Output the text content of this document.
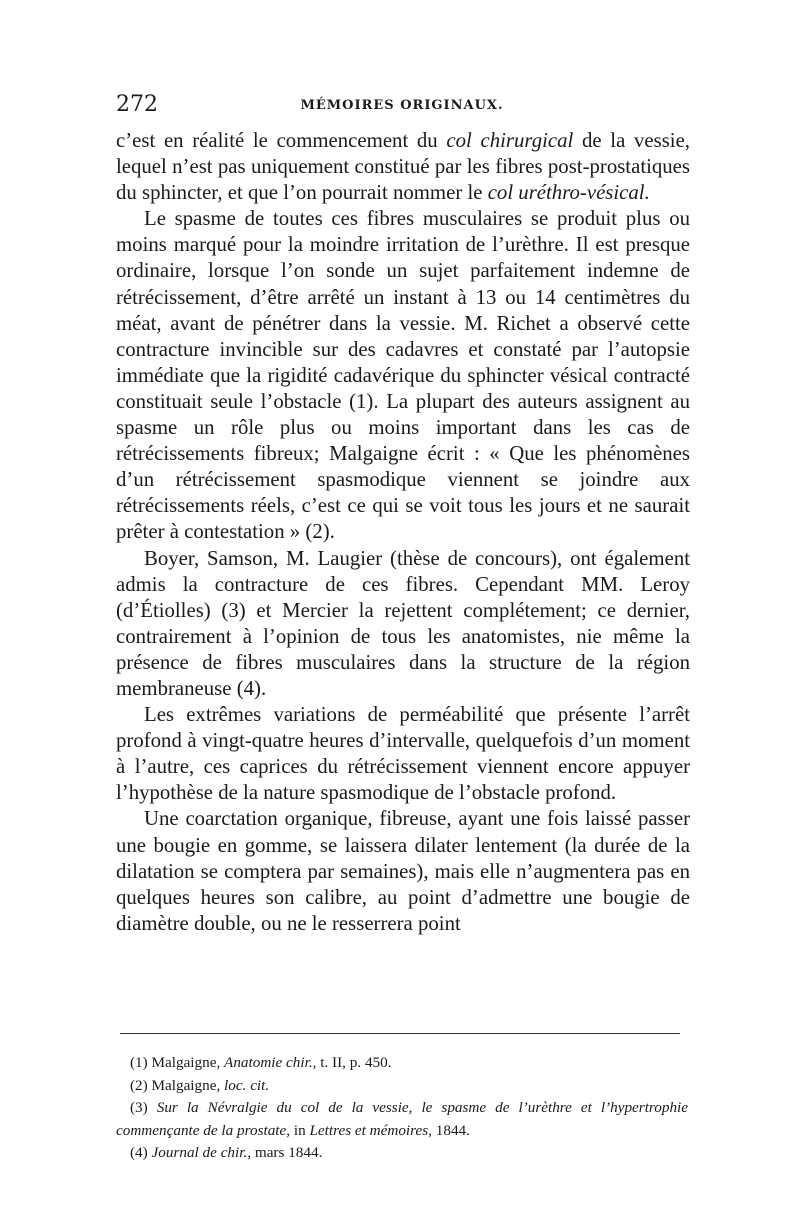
272	MÉMOIRES ORIGINAUX.

c’est en réalité le commencement du col chirurgical de la vessie, lequel n’est pas uniquement constitué par les fibres post-prostatiques du sphincter, et que l’on pourrait nommer le col uréthro-vésical.

Le spasme de toutes ces fibres musculaires se produit plus ou moins marqué pour la moindre irritation de l’urèthre. Il est presque ordinaire, lorsque l’on sonde un sujet parfaitement indemne de rétrécissement, d’être arrêté un instant à 13 ou 14 centimètres du méat, avant de pénétrer dans la vessie. M. Richet a observé cette contracture invincible sur des cadavres et constaté par l’autopsie immédiate que la rigidité cadavérique du sphincter vésical contracté constituait seule l’obstacle (1). La plupart des auteurs assignent au spasme un rôle plus ou moins important dans les cas de rétrécissements fibreux; Malgaigne écrit : « Que les phénomènes d’un rétrécissement spasmodique viennent se joindre aux rétrécissements réels, c’est ce qui se voit tous les jours et ne saurait prêter à contestation » (2).

Boyer, Samson, M. Laugier (thèse de concours), ont également admis la contracture de ces fibres. Cependant MM. Leroy (d’Étiolles) (3) et Mercier la rejettent complétement; ce dernier, contrairement à l’opinion de tous les anatomistes, nie même la présence de fibres musculaires dans la structure de la région membraneuse (4).

Les extrêmes variations de perméabilité que présente l’arrêt profond à vingt-quatre heures d’intervalle, quelquefois d’un moment à l’autre, ces caprices du rétrécissement viennent encore appuyer l’hypothèse de la nature spasmodique de l’obstacle profond.

Une coarctation organique, fibreuse, ayant une fois laissé passer une bougie en gomme, se laissera dilater lentement (la durée de la dilatation se comptera par semaines), mais elle n’augmentera pas en quelques heures son calibre, au point d’admettre une bougie de diamètre double, ou ne le resserrera point

(1) Malgaigne, Anatomie chir., t. II, p. 450.

(2) Malgaigne, loc. cit.

(3) Sur la Névralgie du col de la vessie, le spasme de l’urèthre et l’hypertrophie commençante de la prostate, in Lettres et mémoires, 1844.

(4) Journal de chir., mars 1844.
